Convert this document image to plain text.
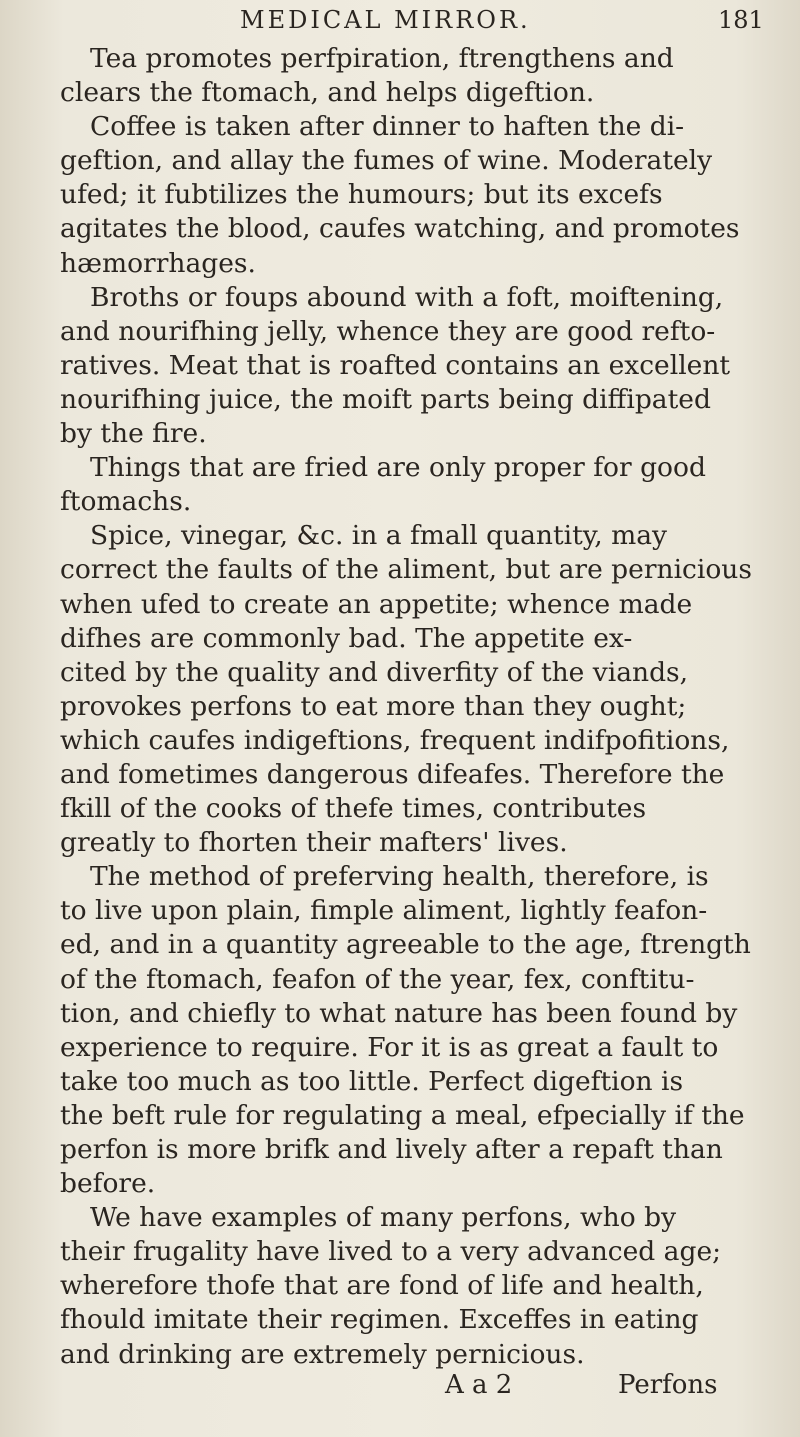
MEDICAL MIRROR.	181
Tea promotes perfpiration, ftrengthens and
clears the ftomach, and helps digeftion.
Coffee is taken after dinner to haften the di-
geftion, and allay the fumes of wine. Moderately
ufed; it fubtilizes the humours; but its excefs
agitates the blood, caufes watching, and promotes
hæmorrhages.
Broths or foups abound with a foft, moiftening,
and nourifhing jelly, whence they are good refto-
ratives. Meat that is roafted contains an excellent
nourifhing juice, the moift parts being diffipated
by the fire.
Things that are fried are only proper for good
ftomachs.
Spice, vinegar, &c. in a fmall quantity, may
correct the faults of the aliment, but are pernicious
when ufed to create an appetite; whence made
difhes are commonly bad. The appetite ex-
cited by the quality and diverfity of the viands,
provokes perfons to eat more than they ought;
which caufes indigeftions, frequent indifpofitions,
and fometimes dangerous difeafes. Therefore the
fkill of the cooks of thefe times, contributes
greatly to fhorten their mafters' lives.
The method of preferving health, therefore, is
to live upon plain, fimple aliment, lightly feafon-
ed, and in a quantity agreeable to the age, ftrength
of the ftomach, feafon of the year, fex, conftitu-
tion, and chiefly to what nature has been found by
experience to require. For it is as great a fault to
take too much as too little. Perfect digeftion is
the beft rule for regulating a meal, efpecially if the
perfon is more brifk and lively after a repaft than
before.
We have examples of many perfons, who by
their frugality have lived to a very advanced age;
wherefore thofe that are fond of life and health,
fhould imitate their regimen. Exceffes in eating
and drinking are extremely pernicious.
A a 2	Perfons
